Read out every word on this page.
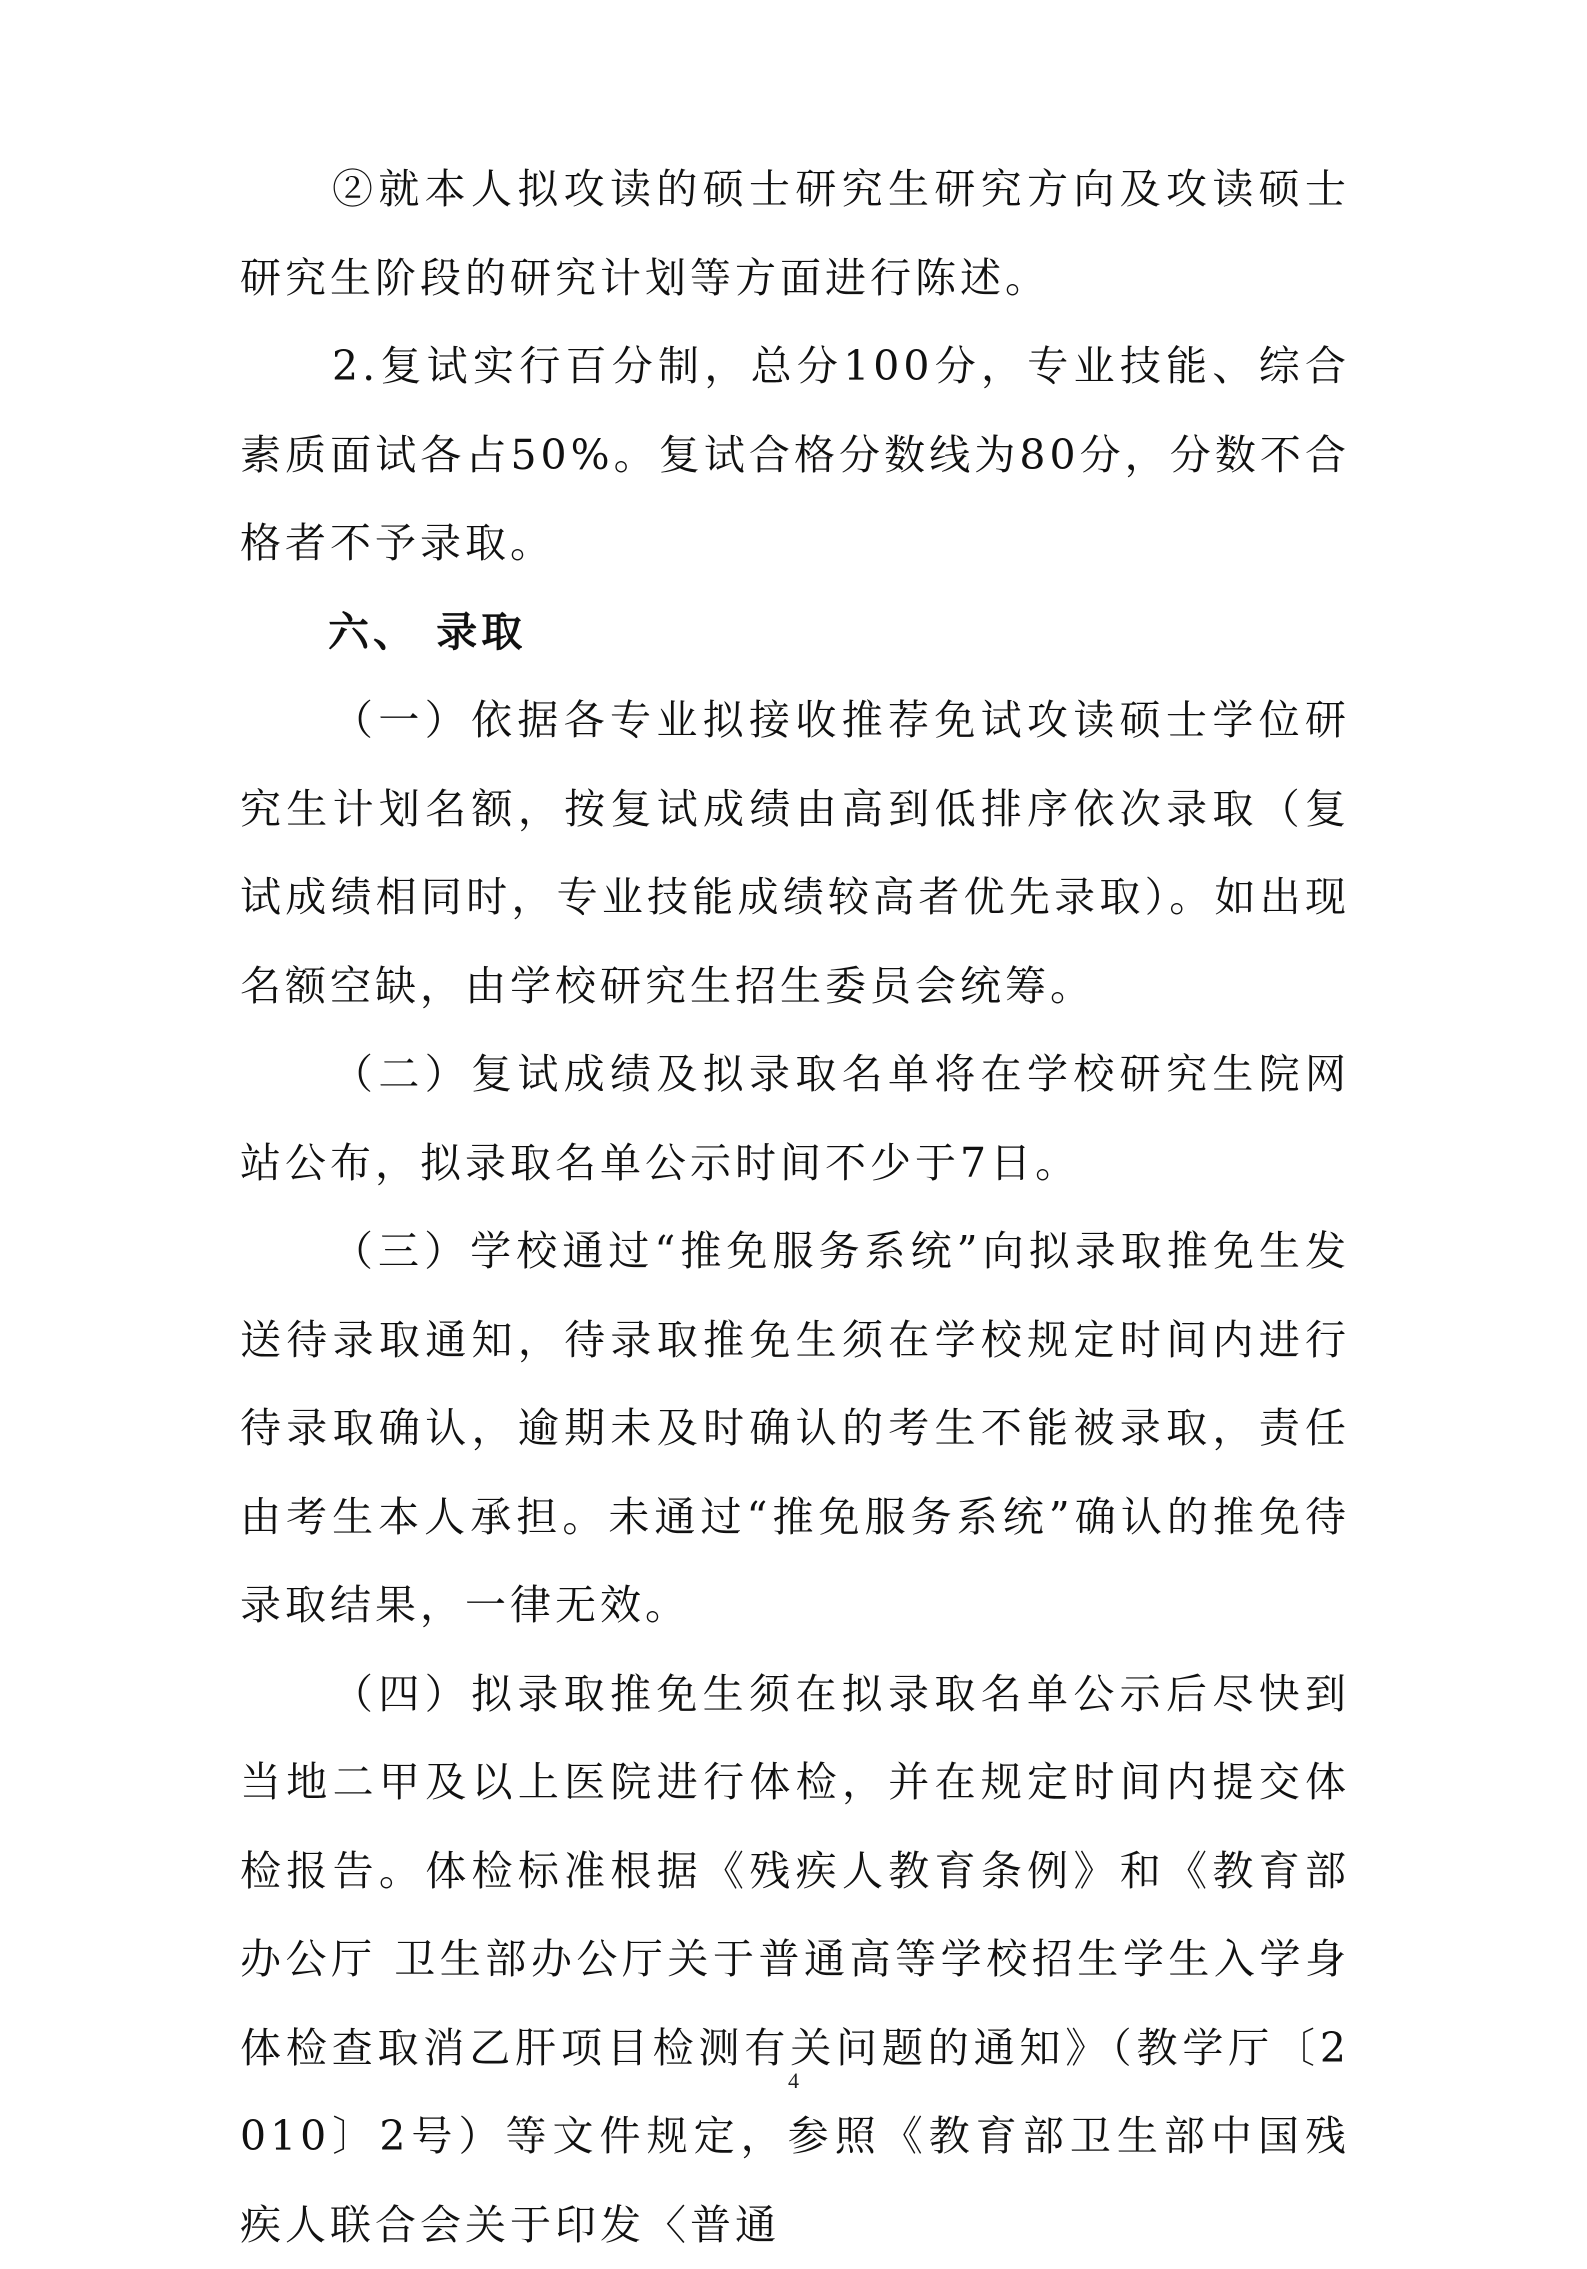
②就本人拟攻读的硕士研究生研究方向及攻读硕士研究生阶段的研究计划等方面进行陈述。

2.复试实行百分制，总分100分，专业技能、综合素质面试各占50%。复试合格分数线为80分，分数不合格者不予录取。

六、 录取

（一）依据各专业拟接收推荐免试攻读硕士学位研究生计划名额，按复试成绩由高到低排序依次录取（复试成绩相同时，专业技能成绩较高者优先录取）。如出现名额空缺，由学校研究生招生委员会统筹。

（二）复试成绩及拟录取名单将在学校研究生院网站公布，拟录取名单公示时间不少于7日。

（三）学校通过“推免服务系统”向拟录取推免生发送待录取通知，待录取推免生须在学校规定时间内进行待录取确认，逾期未及时确认的考生不能被录取，责任由考生本人承担。未通过“推免服务系统”确认的推免待录取结果，一律无效。

（四）拟录取推免生须在拟录取名单公示后尽快到当地二甲及以上医院进行体检，并在规定时间内提交体检报告。体检标准根据《残疾人教育条例》和《教育部办公厅 卫生部办公厅关于普通高等学校招生学生入学身体检查取消乙肝项目检测有关问题的通知》（教学厅〔2010〕2号）等文件规定，参照《教育部卫生部中国残疾人联合会关于印发〈普通

4
